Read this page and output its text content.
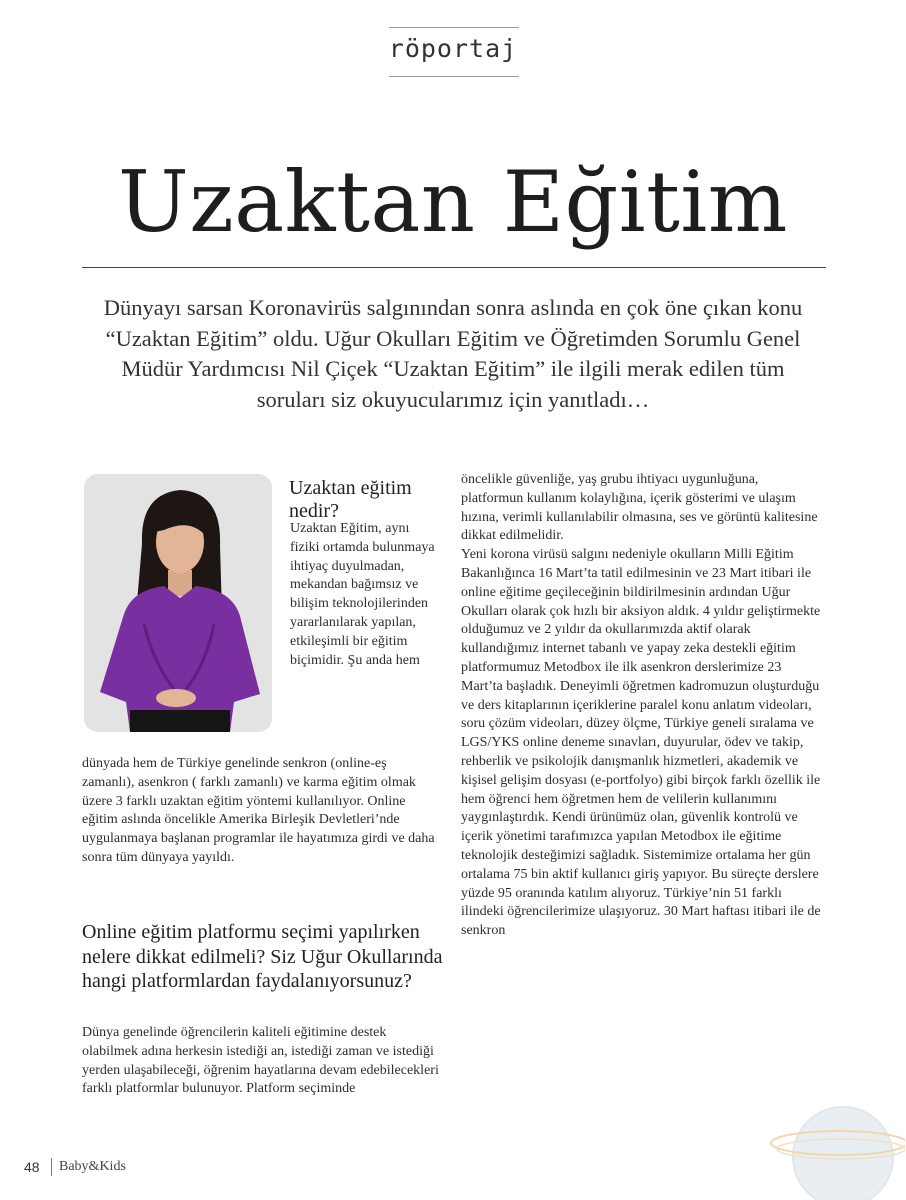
röportaj
Uzaktan Eğitim

Dünyayı sarsan Koronavirüs salgınından sonra aslında en çok öne çıkan konu “Uzaktan Eğitim” oldu. Uğur Okulları Eğitim ve Öğretimden Sorumlu Genel Müdür Yardımcısı Nil Çiçek “Uzaktan Eğitim” ile ilgili merak edilen tüm soruları siz okuyucularımız için yanıtladı…

Uzaktan eğitim nedir?

Uzaktan Eğitim, aynı fiziki ortamda bulunmaya ihtiyaç duyulmadan, mekandan bağımsız ve bilişim teknolojilerinden yararlanılarak yapılan, etkileşimli bir eğitim biçimidir. Şu anda hem

dünyada hem de Türkiye genelinde senkron (online-eş zamanlı), asenkron ( farklı zamanlı) ve karma eğitim olmak üzere 3 farklı uzaktan eğitim yöntemi kullanılıyor. Online eğitim aslında öncelikle Amerika Birleşik Devletleri’nde uygulanmaya başlanan programlar ile hayatımıza girdi ve daha sonra tüm dünyaya yayıldı.

Online eğitim platformu seçimi yapılırken nelere dikkat edilmeli? Siz Uğur Okullarında hangi platformlardan faydalanıyorsunuz?

Dünya genelinde öğrencilerin kaliteli eğitimine destek olabilmek adına herkesin istediği an, istediği zaman ve istediği yerden ulaşabileceği, öğrenim hayatlarına devam edebilecekleri farklı platformlar bulunuyor. Platform seçiminde

öncelikle güvenliğe, yaş grubu ihtiyacı uygunluğuna, platformun kullanım kolaylığına, içerik gösterimi ve ulaşım hızına, verimli kullanılabilir olmasına, ses ve görüntü kalitesine dikkat edilmelidir.

Yeni korona virüsü salgını nedeniyle okulların Milli Eğitim Bakanlığınca 16 Mart’ta tatil edilmesinin ve 23 Mart itibari ile online eğitime geçileceğinin bildirilmesinin ardından Uğur Okulları olarak çok hızlı bir aksiyon aldık. 4 yıldır geliştirmekte olduğumuz ve 2 yıldır da okullarımızda aktif olarak kullandığımız internet tabanlı ve yapay zeka destekli eğitim platformumuz Metodbox ile ilk asenkron derslerimize 23 Mart’ta başladık. Deneyimli öğretmen kadromuzun oluşturduğu ve ders kitaplarının içeriklerine paralel konu anlatım videoları, soru çözüm videoları, düzey ölçme, Türkiye geneli sıralama ve LGS/YKS online deneme sınavları, duyurular, ödev ve takip, rehberlik ve psikolojik danışmanlık hizmetleri, akademik ve kişisel gelişim dosyası (e-portfolyo) gibi birçok farklı özellik ile hem öğrenci hem öğretmen hem de velilerin kullanımını yaygınlaştırdık. Kendi ürünümüz olan, güvenlik kontrolü ve içerik yönetimi tarafımızca yapılan Metodbox ile eğitime teknolojik desteğimizi sağladık. Sistemimize ortalama her gün ortalama 75 bin aktif kullanıcı giriş yapıyor. Bu süreçte derslere yüzde 95 oranında katılım alıyoruz. Türkiye’nin 51 farklı ilindeki öğrencilerimize ulaşıyoruz. 30 Mart haftası itibari ile de senkron

48 Baby&Kids
